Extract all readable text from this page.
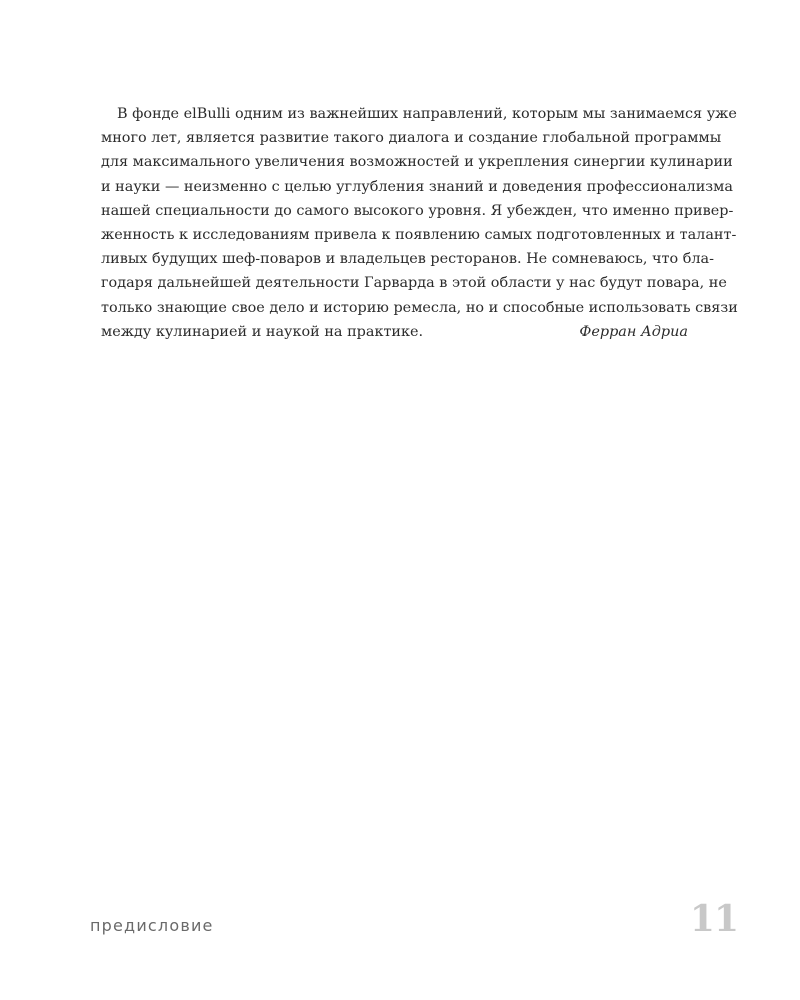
В фонде elBulli одним из важнейших направлений, которым мы занимаемся уже
много лет, является развитие такого диалога и создание глобальной программы
для максимального увеличения возможностей и укрепления синергии кулинарии
и науки — неизменно с целью углубления знаний и доведения профессионализма
нашей специальности до самого высокого уровня. Я убежден, что именно привер-
женность к исследованиям привела к появлению самых подготовленных и талант-
ливых будущих шеф-поваров и владельцев ресторанов. Не сомневаюсь, что бла-
годаря дальнейшей деятельности Гарварда в этой области у нас будут повара, не
только знающие свое дело и историю ремесла, но и способные использовать связи
между кулинарией и наукой на практике.	Ферран Адриа
предисловие	11
